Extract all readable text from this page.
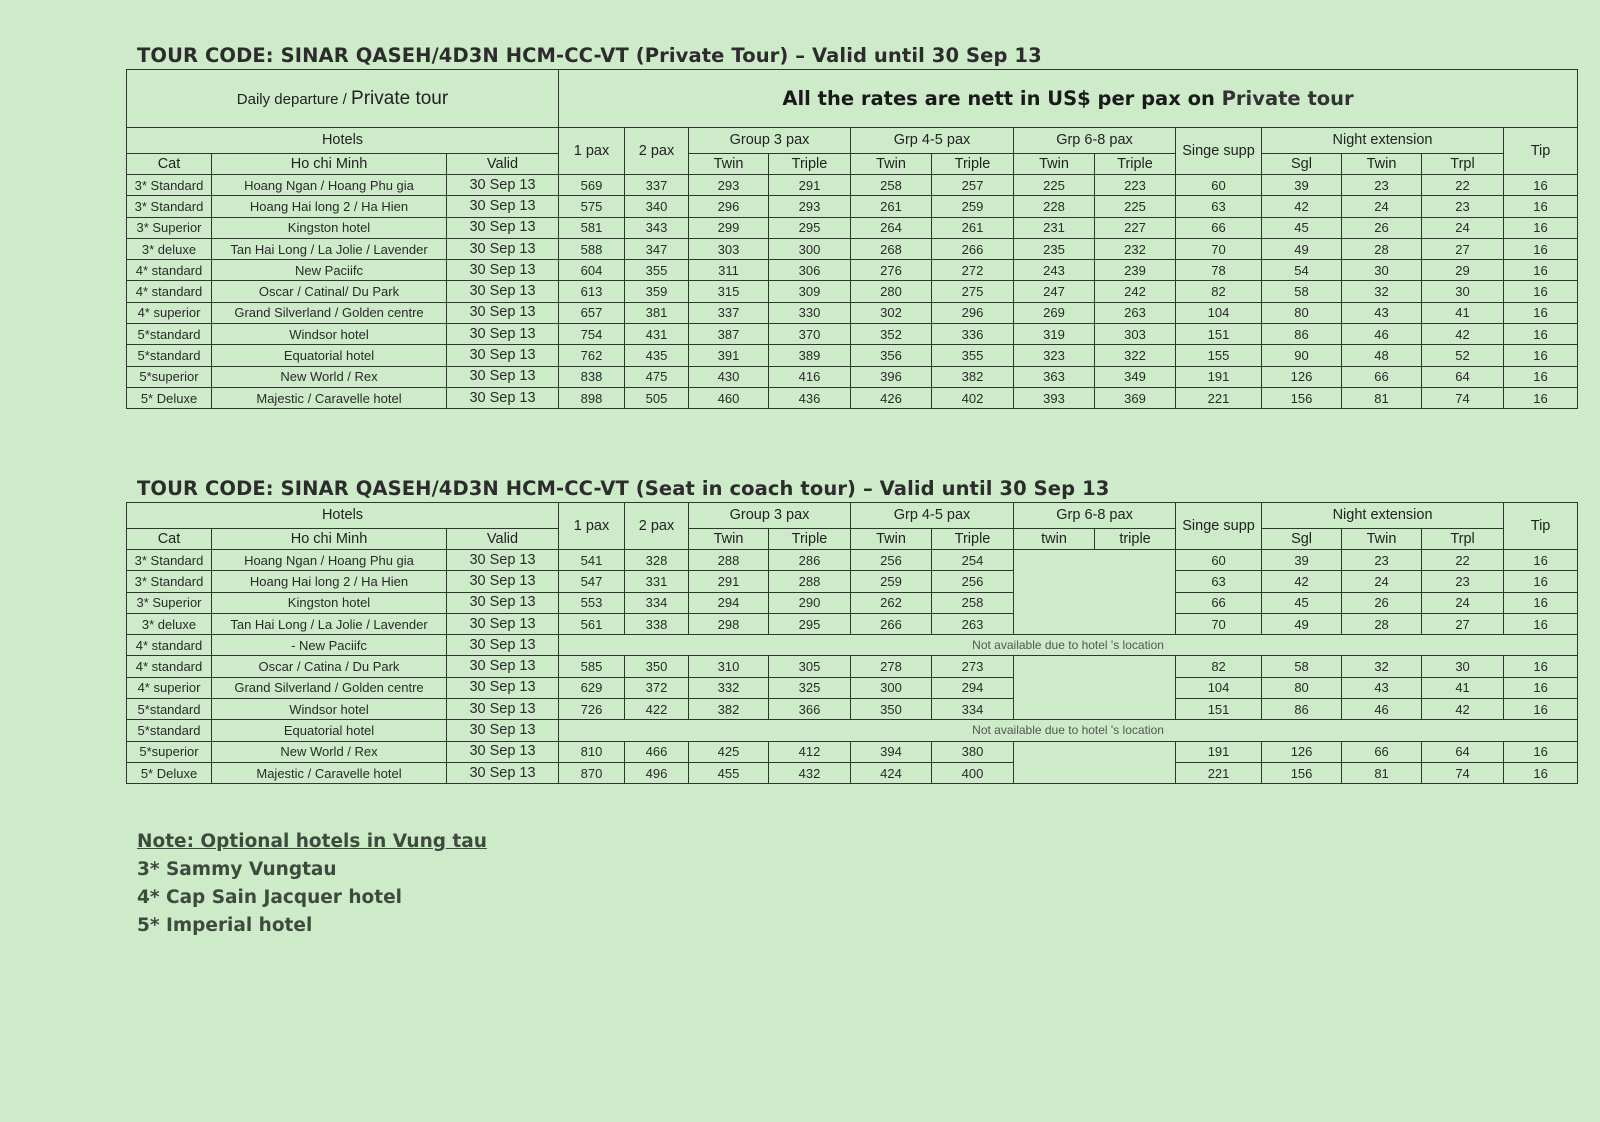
TOUR CODE: SINAR QASEH/4D3N HCM-CC-VT (Private Tour) – Valid until 30 Sep 13
Daily departure / Private tour			All the rates are nett in US$ per pax on Private tour												
Hotels			1 pax	2 pax	Group 3 pax		Grp 4-5 pax		Grp 6-8 pax		Singe supp	Night extension			Tip
Cat	Ho chi Minh	Valid			Twin	Triple	Twin	Triple	Twin	Triple		Sgl	Twin	Trpl	
3* Standard	Hoang Ngan / Hoang Phu gia	30 Sep 13	569	337	293	291	258	257	225	223	60	39	23	22	16
3* Standard	Hoang Hai long 2 / Ha Hien	30 Sep 13	575	340	296	293	261	259	228	225	63	42	24	23	16
3* Superior	Kingston hotel	30 Sep 13	581	343	299	295	264	261	231	227	66	45	26	24	16
3* deluxe	Tan Hai Long / La Jolie / Lavender	30 Sep 13	588	347	303	300	268	266	235	232	70	49	28	27	16
4* standard	New Paciifc	30 Sep 13	604	355	311	306	276	272	243	239	78	54	30	29	16
4* standard	Oscar / Catinal/ Du Park	30 Sep 13	613	359	315	309	280	275	247	242	82	58	32	30	16
4* superior	Grand Silverland / Golden centre	30 Sep 13	657	381	337	330	302	296	269	263	104	80	43	41	16
5*standard	Windsor hotel	30 Sep 13	754	431	387	370	352	336	319	303	151	86	46	42	16
5*standard	Equatorial hotel	30 Sep 13	762	435	391	389	356	355	323	322	155	90	48	52	16
5*superior	New World / Rex	30 Sep 13	838	475	430	416	396	382	363	349	191	126	66	64	16
5* Deluxe	Majestic / Caravelle hotel	30 Sep 13	898	505	460	436	426	402	393	369	221	156	81	74	16
TOUR CODE: SINAR QASEH/4D3N HCM-CC-VT (Seat in coach tour) – Valid until 30 Sep 13
Hotels			1 pax	2 pax	Group 3 pax		Grp 4-5 pax		Grp 6-8 pax		Singe supp	Night extension			Tip
Cat	Ho chi Minh	Valid			Twin	Triple	Twin	Triple	twin	triple		Sgl	Twin	Trpl	
3* Standard	Hoang Ngan / Hoang Phu gia	30 Sep 13	541	328	288	286	256	254			60	39	23	22	16
3* Standard	Hoang Hai long 2 / Ha Hien	30 Sep 13	547	331	291	288	259	256			63	42	24	23	16
3* Superior	Kingston hotel	30 Sep 13	553	334	294	290	262	258			66	45	26	24	16
3* deluxe	Tan Hai Long / La Jolie / Lavender	30 Sep 13	561	338	298	295	266	263			70	49	28	27	16
4* standard	- New Paciifc	30 Sep 13	Not available due to hotel 's location												
4* standard	Oscar / Catina / Du Park	30 Sep 13	585	350	310	305	278	273			82	58	32	30	16
4* superior	Grand Silverland / Golden centre	30 Sep 13	629	372	332	325	300	294			104	80	43	41	16
5*standard	Windsor hotel	30 Sep 13	726	422	382	366	350	334			151	86	46	42	16
5*standard	Equatorial hotel	30 Sep 13	Not available due to hotel 's location												
5*superior	New World / Rex	30 Sep 13	810	466	425	412	394	380			191	126	66	64	16
5* Deluxe	Majestic / Caravelle hotel	30 Sep 13	870	496	455	432	424	400			221	156	81	74	16
Note: Optional hotels in Vung tau
3* Sammy Vungtau
4* Cap Sain Jacquer hotel
5* Imperial hotel
